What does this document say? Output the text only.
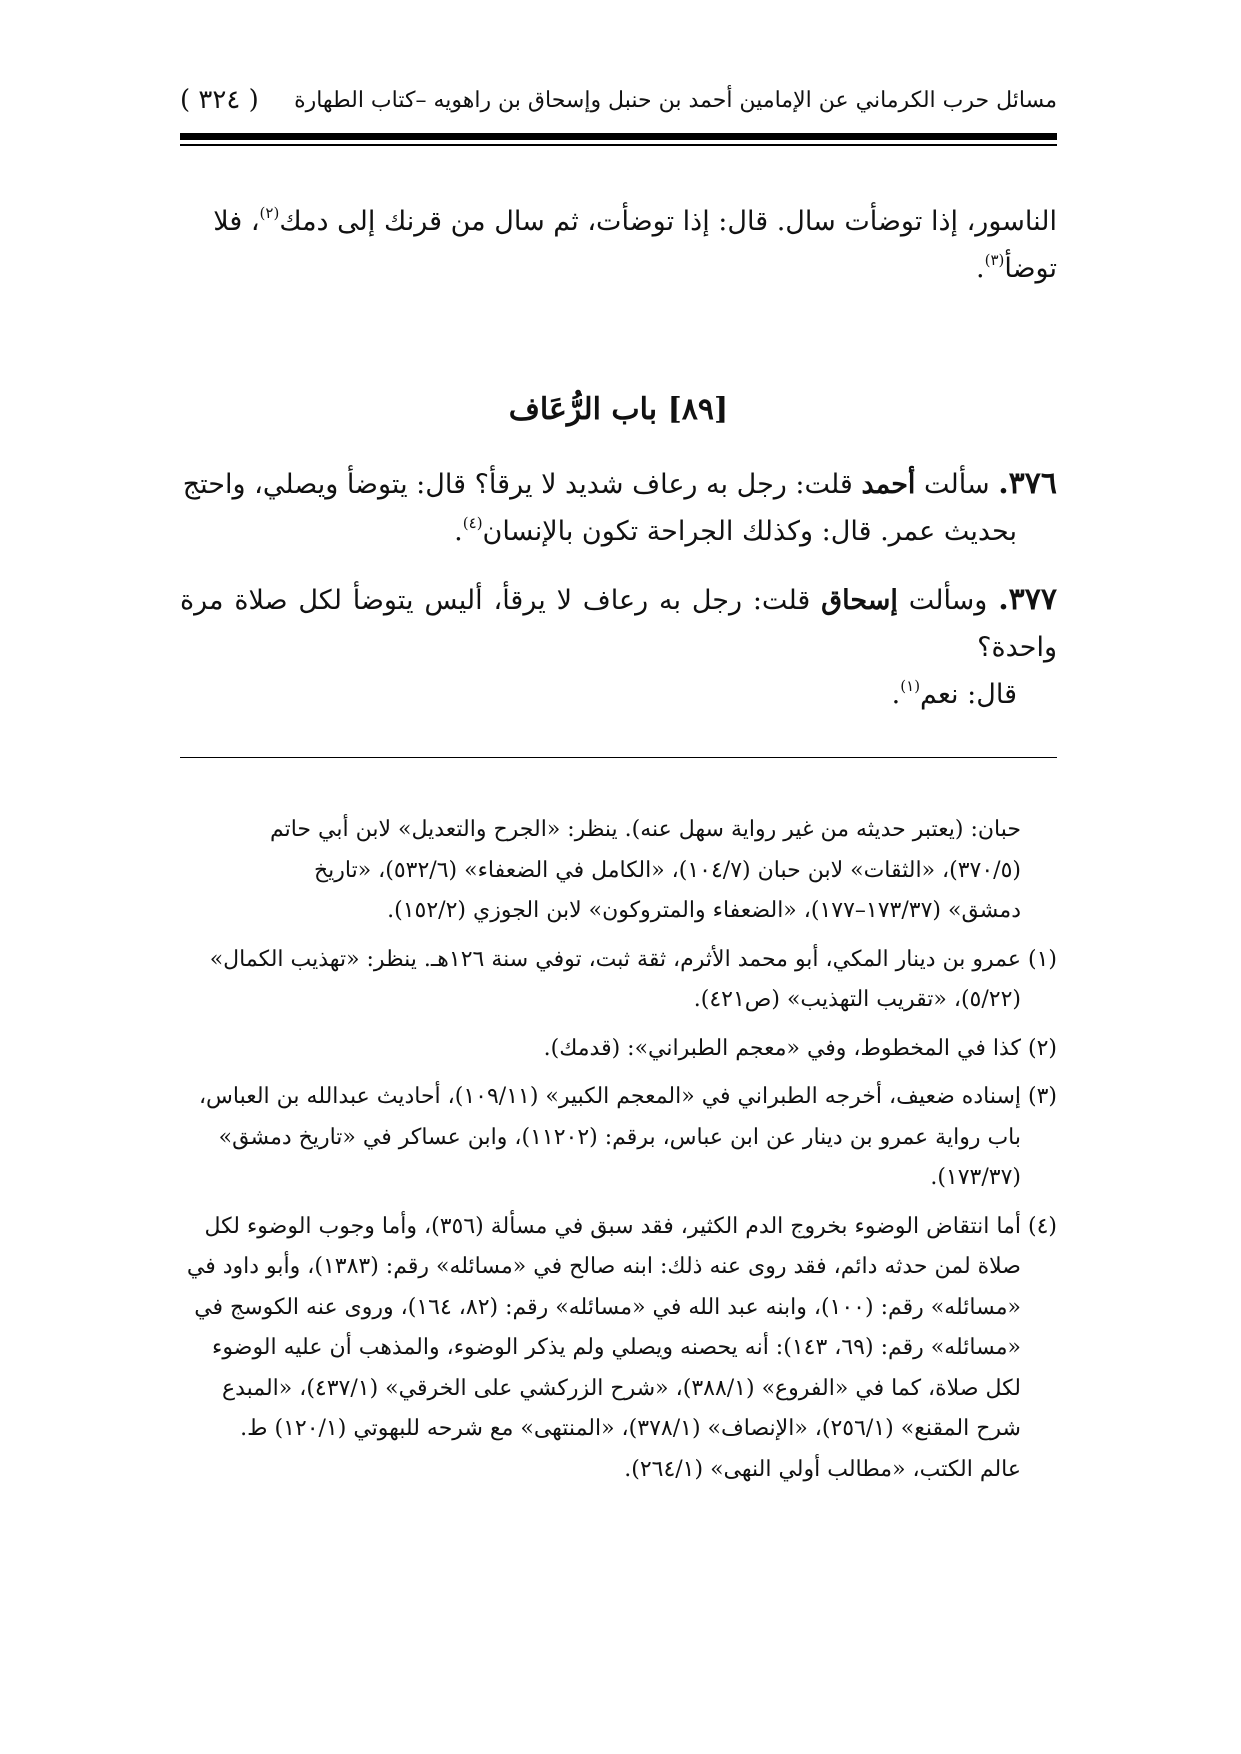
مسائل حرب الكرماني عن الإمامين أحمد بن حنبل وإسحاق بن راهويه –كتاب الطهارة
( ٣٢٤ )
الناسور، إذا توضأت سال. قال: إذا توضأت، ثم سال من قرنك إلى دمك$^{(٢)}$، فلا
توضأ$^{(٣)}$.
[٨٩] باب الرُّعَاف
٣٧٦. سألت أحمد قلت: رجل به رعاف شديد لا يرقأ؟ قال: يتوضأ ويصلي، واحتج
بحديث عمر. قال: وكذلك الجراحة تكون بالإنسان$^{(٤)}$.
٣٧٧. وسألت إسحاق قلت: رجل به رعاف لا يرقأ، أليس يتوضأ لكل صلاة مرة واحدة؟
قال: نعم$^{(١)}$.
حبان: (يعتبر حديثه من غير رواية سهل عنه). ينظر: «الجرح والتعديل» لابن أبي حاتم
(٣٧٠/٥)، «الثقات» لابن حبان (١٠٤/٧)، «الكامل في الضعفاء» (٥٣٢/٦)، «تاريخ
دمشق» (١٧٣/٣٧–١٧٧)، «الضعفاء والمتروكون» لابن الجوزي (١٥٢/٢).
(١) عمرو بن دينار المكي، أبو محمد الأثرم، ثقة ثبت، توفي سنة ١٢٦هـ. ينظر: «تهذيب الكمال»
(٥/٢٢)، «تقريب التهذيب» (ص٤٢١).
(٢) كذا في المخطوط، وفي «معجم الطبراني»: (قدمك).
(٣) إسناده ضعيف، أخرجه الطبراني في «المعجم الكبير» (١٠٩/١١)، أحاديث عبدالله بن العباس،
باب رواية عمرو بن دينار عن ابن عباس، برقم: (١١٢٠٢)، وابن عساكر في «تاريخ دمشق»
(١٧٣/٣٧).
(٤) أما انتقاض الوضوء بخروج الدم الكثير، فقد سبق في مسألة (٣٥٦)، وأما وجوب الوضوء لكل
صلاة لمن حدثه دائم، فقد روى عنه ذلك: ابنه صالح في «مسائله» رقم: (١٣٨٣)، وأبو داود في
«مسائله» رقم: (١٠٠)، وابنه عبد الله في «مسائله» رقم: (٨٢، ١٦٤)، وروى عنه الكوسج في
«مسائله» رقم: (٦٩، ١٤٣): أنه يحصنه ويصلي ولم يذكر الوضوء، والمذهب أن عليه الوضوء
لكل صلاة، كما في «الفروع» (٣٨٨/١)، «شرح الزركشي على الخرقي» (٤٣٧/١)، «المبدع
شرح المقنع» (٢٥٦/١)، «الإنصاف» (٣٧٨/١)، «المنتهى» مع شرحه للبهوتي (١٢٠/١) ط.
عالم الكتب، «مطالب أولي النهى» (٢٦٤/١).
